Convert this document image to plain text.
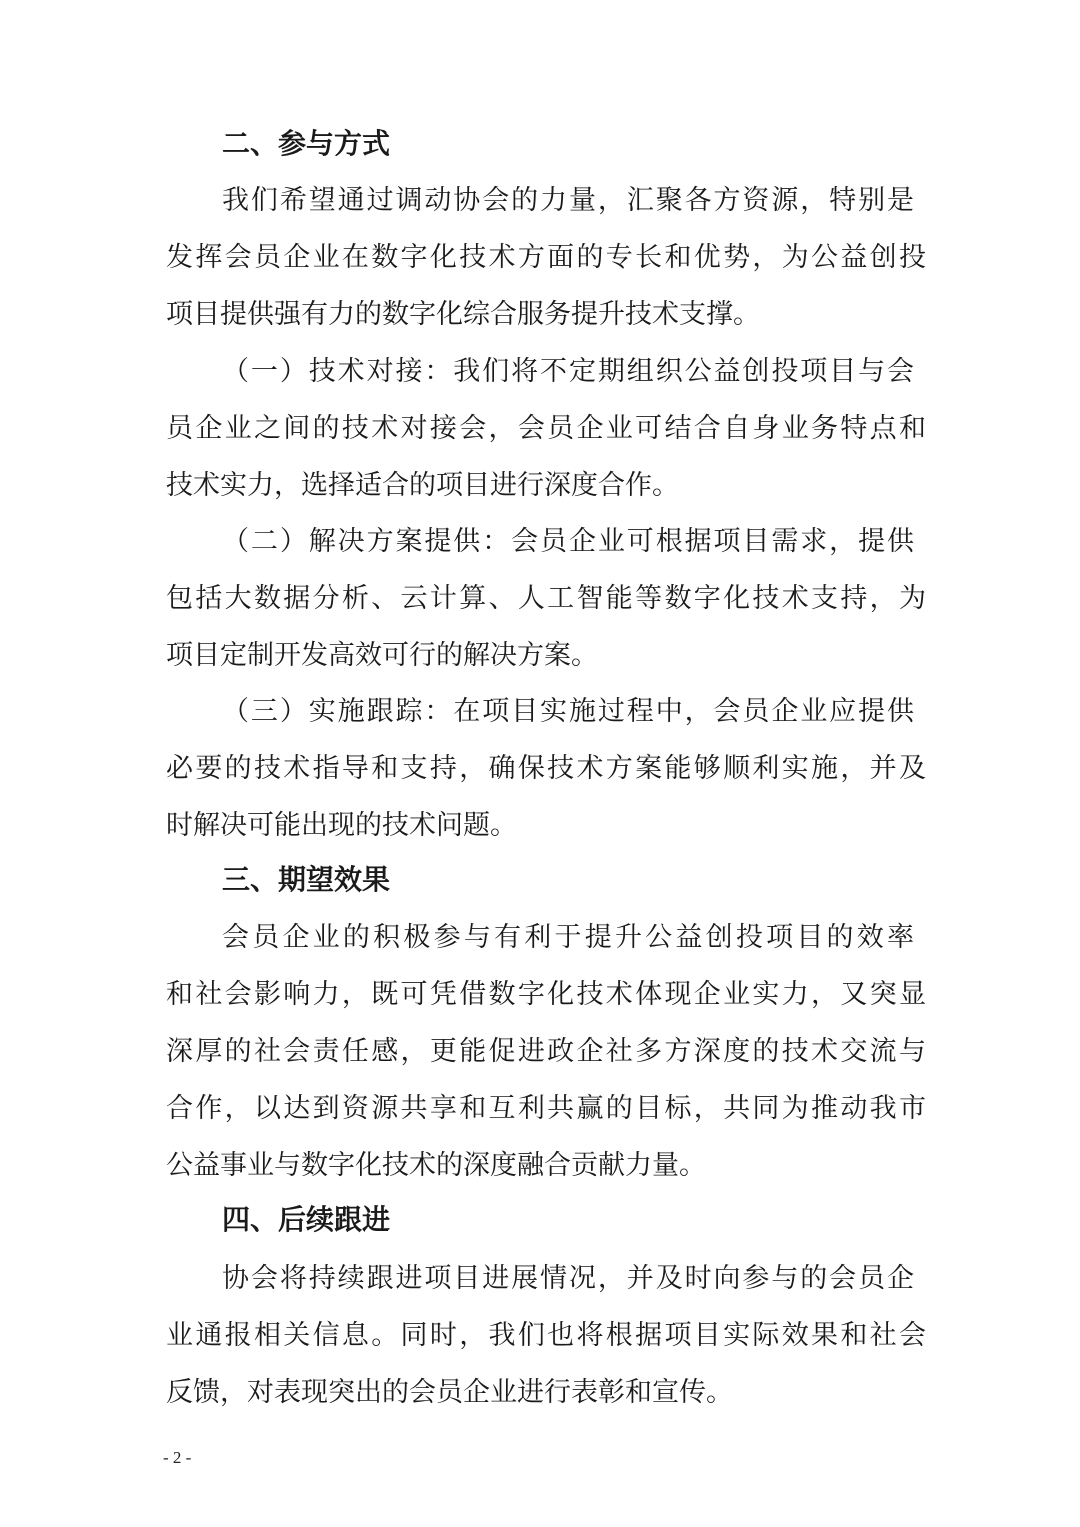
二、参与方式
我们希望通过调动协会的力量，汇聚各方资源，特别是
发挥会员企业在数字化技术方面的专长和优势，为公益创投
项目提供强有力的数字化综合服务提升技术支撑。
（一）技术对接：我们将不定期组织公益创投项目与会
员企业之间的技术对接会，会员企业可结合自身业务特点和
技术实力，选择适合的项目进行深度合作。
（二）解决方案提供：会员企业可根据项目需求，提供
包括大数据分析、云计算、人工智能等数字化技术支持，为
项目定制开发高效可行的解决方案。
（三）实施跟踪：在项目实施过程中，会员企业应提供
必要的技术指导和支持，确保技术方案能够顺利实施，并及
时解决可能出现的技术问题。
三、期望效果
会员企业的积极参与有利于提升公益创投项目的效率
和社会影响力，既可凭借数字化技术体现企业实力，又突显
深厚的社会责任感，更能促进政企社多方深度的技术交流与
合作，以达到资源共享和互利共赢的目标，共同为推动我市
公益事业与数字化技术的深度融合贡献力量。
四、后续跟进
协会将持续跟进项目进展情况，并及时向参与的会员企
业通报相关信息。同时，我们也将根据项目实际效果和社会
反馈，对表现突出的会员企业进行表彰和宣传。
- 2 -
